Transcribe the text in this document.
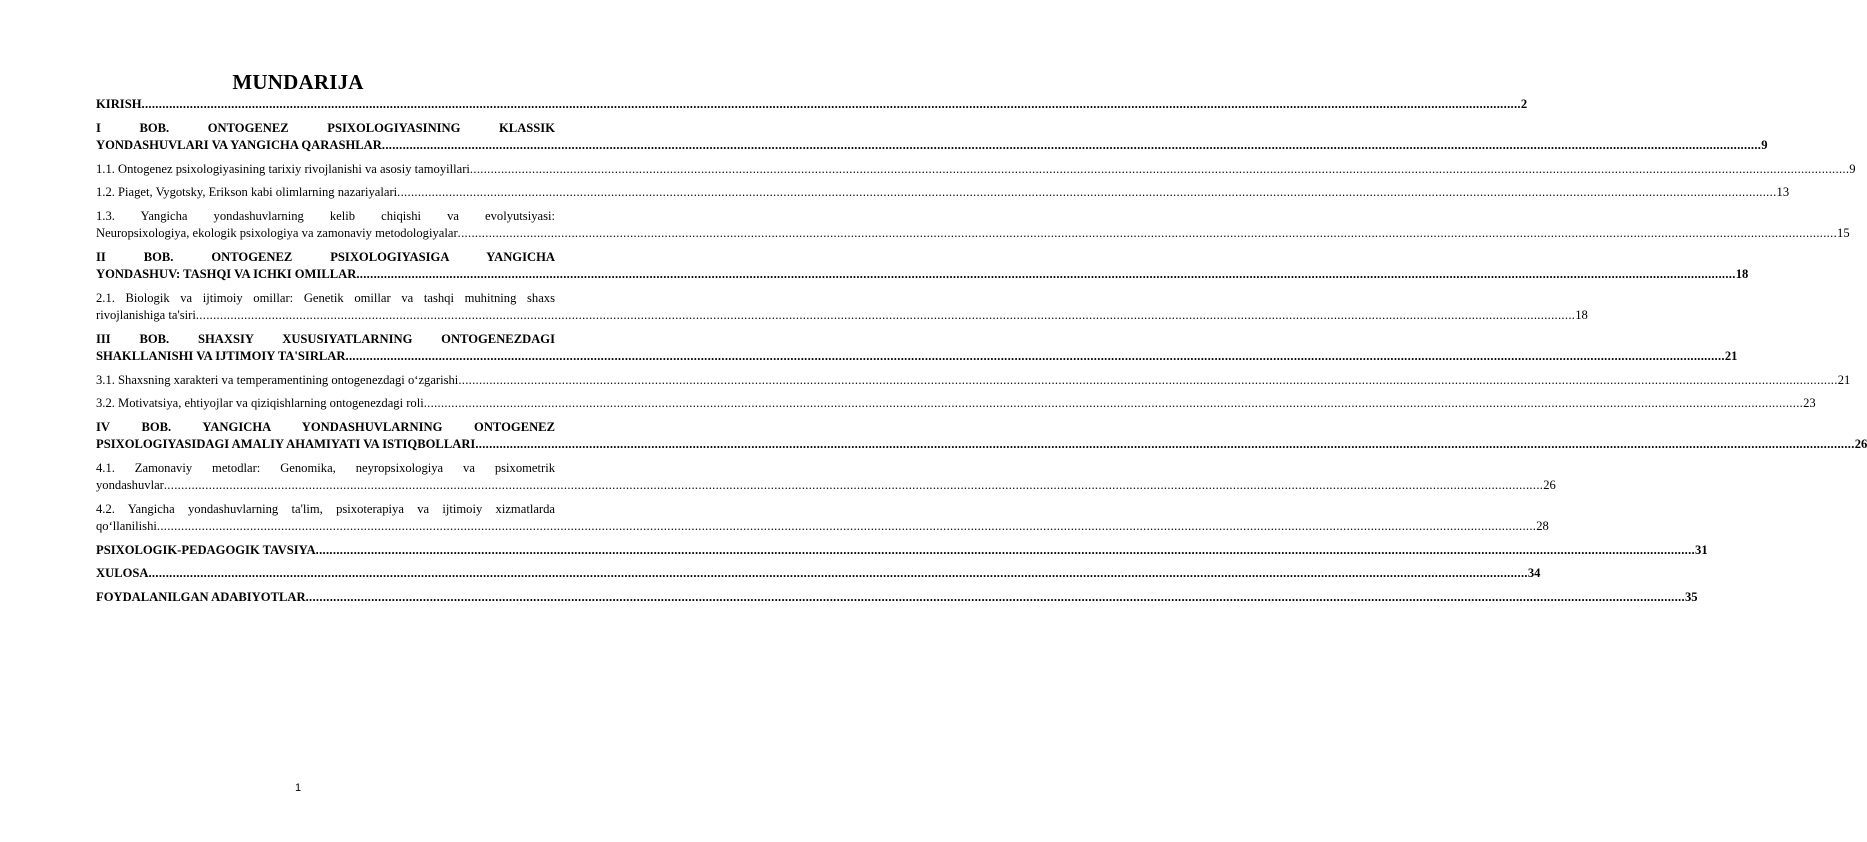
MUNDARIJA
KIRISH ................................................................................................................................................................................................................................................................................................................................................................................................................ 2
I BOB. ONTOGENEZ PSIXOLOGIYASINING KLASSIK
YONDASHUVLARI VA YANGICHA QARASHLAR ................................................................................................................................................................................................................................................................................................................................................................................................................ 9
1.1. Ontogenez psixologiyasining tarixiy rivojlanishi va asosiy tamoyillari ................................................................................................................................................................................................................................................................................................................................................................................................................ 9
1.2. Piaget, Vygotsky, Erikson kabi olimlarning nazariyalari ................................................................................................................................................................................................................................................................................................................................................................................................................ 13
1.3. Yangicha yondashuvlarning kelib chiqishi va evolyutsiyasi:
Neuropsixologiya, ekologik psixologiya va zamonaviy metodologiyalar ................................................................................................................................................................................................................................................................................................................................................................................................................ 15
II BOB. ONTOGENEZ PSIXOLOGIYASIGA YANGICHA
YONDASHUV: TASHQI VA ICHKI OMILLAR ................................................................................................................................................................................................................................................................................................................................................................................................................ 18
2.1. Biologik va ijtimoiy omillar: Genetik omillar va tashqi muhitning shaxs
rivojlanishiga ta'siri ................................................................................................................................................................................................................................................................................................................................................................................................................ 18
III BOB. SHAXSIY XUSUSIYATLARNING ONTOGENEZDAGI
SHAKLLANISHI VA IJTIMOIY TA'SIRLAR ................................................................................................................................................................................................................................................................................................................................................................................................................ 21
3.1. Shaxsning xarakteri va temperamentining ontogenezdagi o‘zgarishi ................................................................................................................................................................................................................................................................................................................................................................................................................ 21
3.2. Motivatsiya, ehtiyojlar va qiziqishlarning ontogenezdagi roli ................................................................................................................................................................................................................................................................................................................................................................................................................ 23
IV BOB. YANGICHA YONDASHUVLARNING ONTOGENEZ
PSIXOLOGIYASIDAGI AMALIY AHAMIYATI VA ISTIQBOLLARI ................................................................................................................................................................................................................................................................................................................................................................................................................ 26
4.1. Zamonaviy metodlar: Genomika, neyropsixologiya va psixometrik
yondashuvlar ................................................................................................................................................................................................................................................................................................................................................................................................................ 26
4.2. Yangicha yondashuvlarning ta'lim, psixoterapiya va ijtimoiy xizmatlarda
qo‘llanilishi ................................................................................................................................................................................................................................................................................................................................................................................................................ 28
PSIXOLOGIK-PEDAGOGIK TAVSIYA ................................................................................................................................................................................................................................................................................................................................................................................................................ 31
XULOSA ................................................................................................................................................................................................................................................................................................................................................................................................................ 34
FOYDALANILGAN ADABIYOTLAR ................................................................................................................................................................................................................................................................................................................................................................................................................ 35
1
